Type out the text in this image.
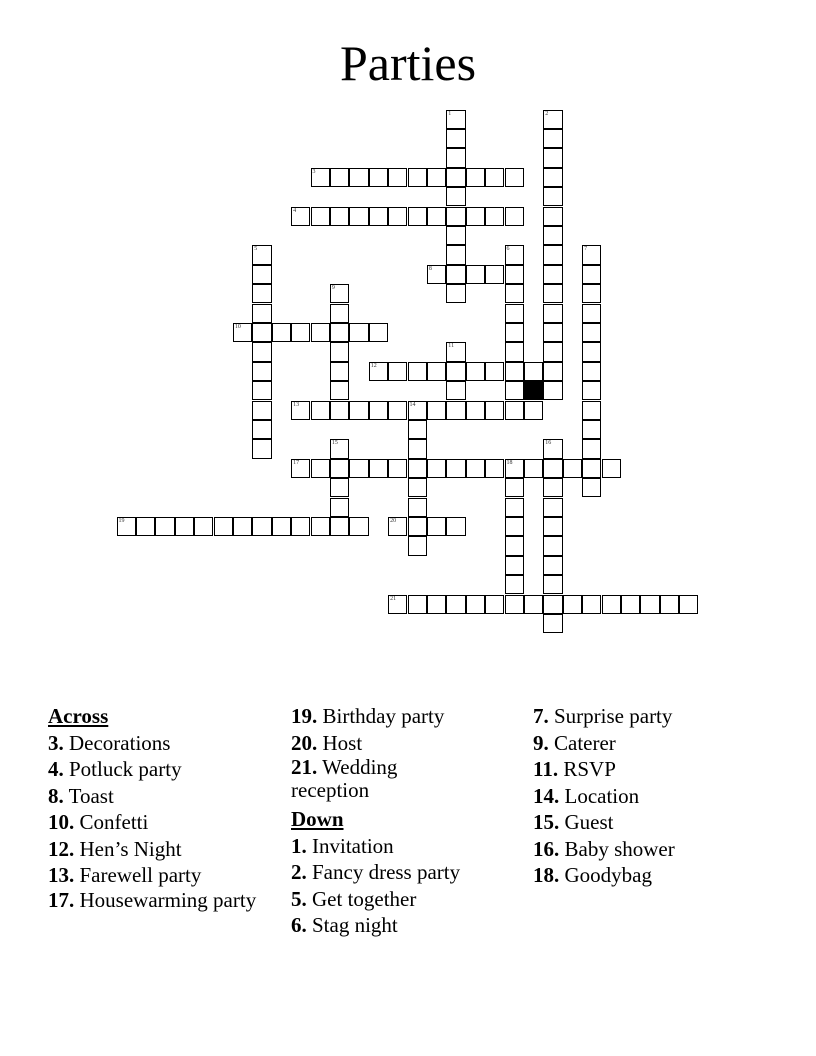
Parties
1	2
3
4
5	6	7
8
9
10
11
12
13	14
15	16
17	18
19	20
21
Across
3. Decorations
4. Potluck party
8. Toast
10. Confetti
12. Hen’s Night
13. Farewell party
17. Housewarming party
19. Birthday party
20. Host
21. Wedding reception
Down
1. Invitation
2. Fancy dress party
5. Get together
6. Stag night
7. Surprise party
9. Caterer
11. RSVP
14. Location
15. Guest
16. Baby shower
18. Goodybag
